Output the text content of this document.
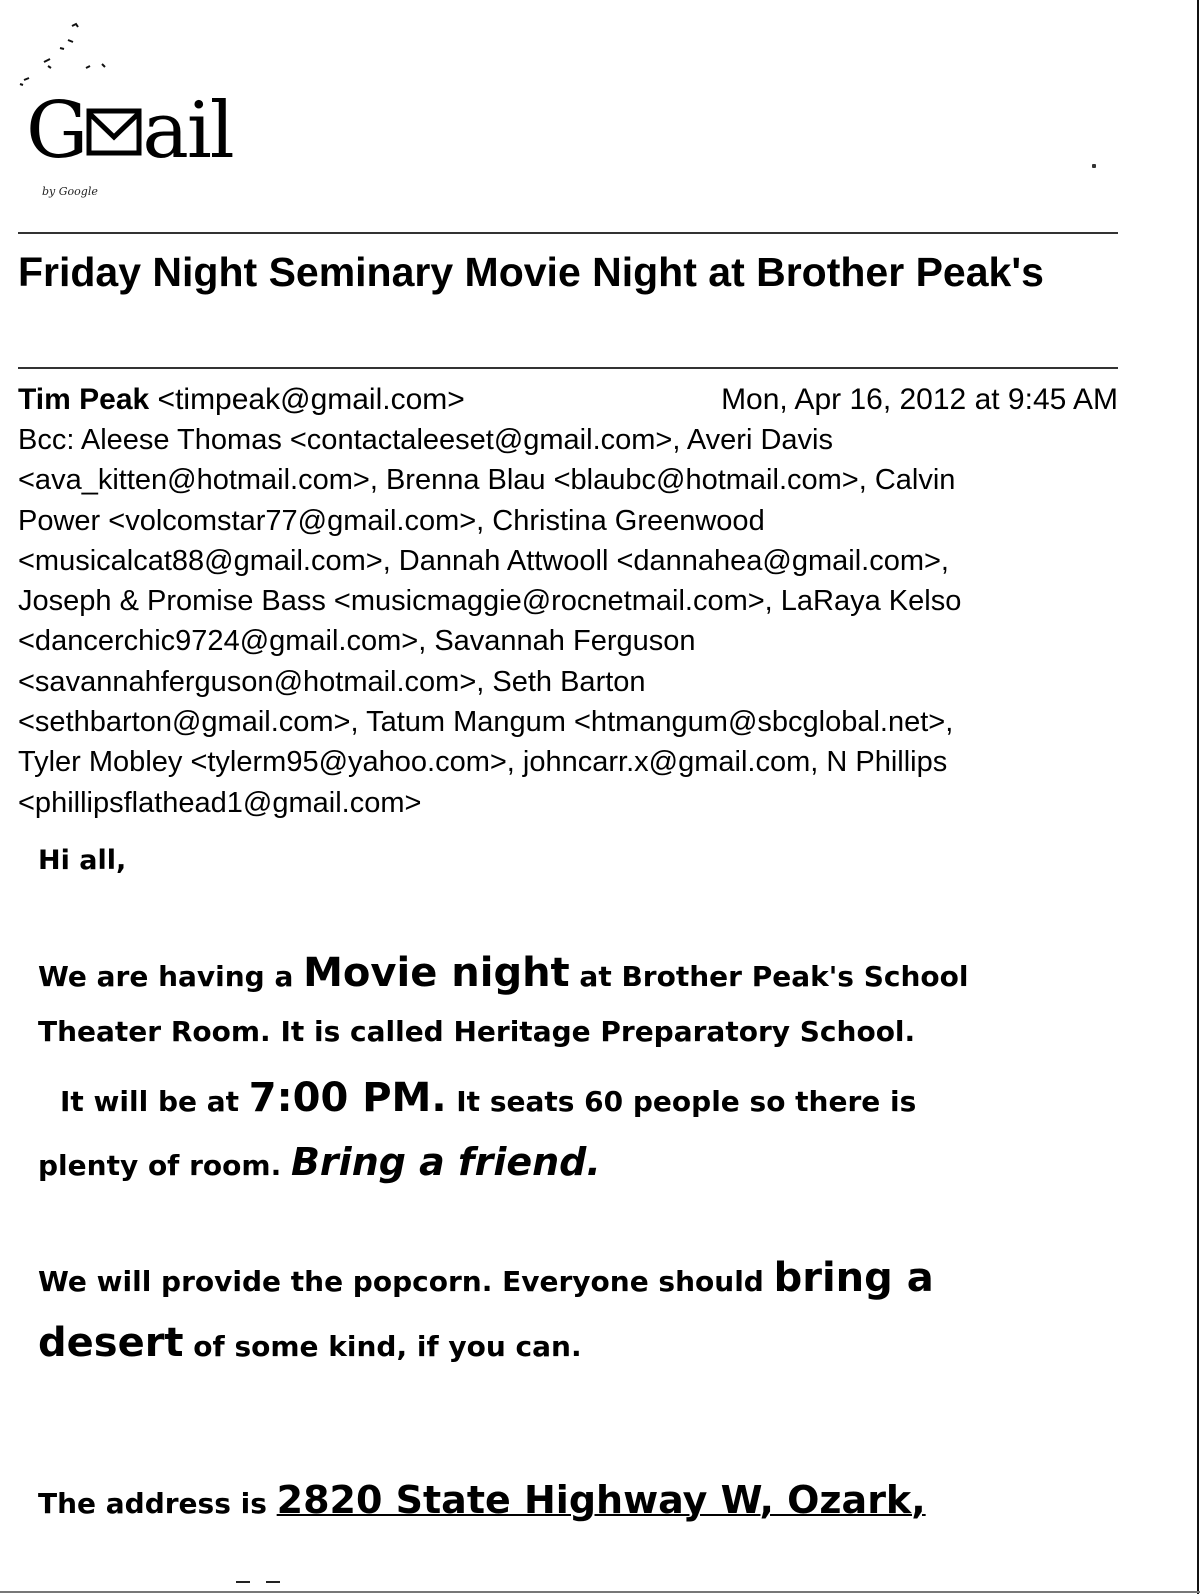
G ail
by Google
Friday Night Seminary Movie Night at Brother Peak's
Tim Peak <timpeak@gmail.com>	Mon, Apr 16, 2012 at 9:45 AM
Bcc: Aleese Thomas <contactaleeset@gmail.com>, Averi Davis
<ava_kitten@hotmail.com>, Brenna Blau <blaubc@hotmail.com>, Calvin
Power <volcomstar77@gmail.com>, Christina Greenwood
<musicalcat88@gmail.com>, Dannah Attwooll <dannahea@gmail.com>,
Joseph & Promise Bass <musicmaggie@rocnetmail.com>, LaRaya Kelso
<dancerchic9724@gmail.com>, Savannah Ferguson
<savannahferguson@hotmail.com>, Seth Barton
<sethbarton@gmail.com>, Tatum Mangum <htmangum@sbcglobal.net>,
Tyler Mobley <tylerm95@yahoo.com>, johncarr.x@gmail.com, N Phillips
<phillipsflathead1@gmail.com>
Hi all,
We are having a Movie night at Brother Peak's School
Theater Room. It is called Heritage Preparatory School.
It will be at 7:00 PM. It seats 60 people so there is
plenty of room. Bring a friend.
We will provide the popcorn. Everyone should bring a
desert of some kind, if you can.
The address is 2820 State Highway W, Ozark,
